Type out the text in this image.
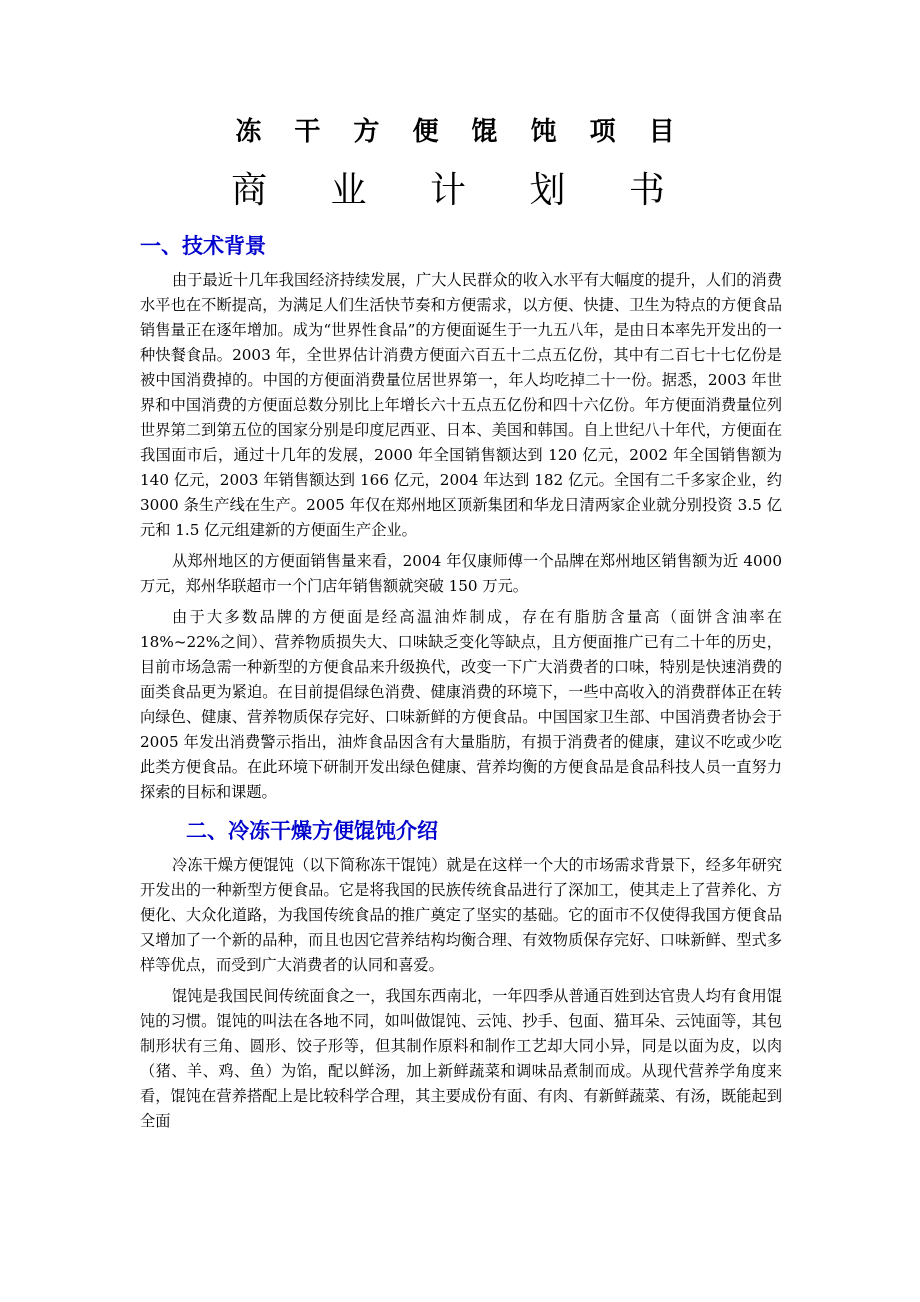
冻 干 方 便 馄 饨 项 目
商 业 计 划 书
一、技术背景

由于最近十几年我国经济持续发展，广大人民群众的收入水平有大幅度的提升，人们的消费水平也在不断提高，为满足人们生活快节奏和方便需求，以方便、快捷、卫生为特点的方便食品销售量正在逐年增加。成为“世界性食品”的方便面诞生于一九五八年，是由日本率先开发出的一种快餐食品。2003 年，全世界估计消费方便面六百五十二点五亿份，其中有二百七十七亿份是被中国消费掉的。中国的方便面消费量位居世界第一，年人均吃掉二十一份。据悉，2003 年世界和中国消费的方便面总数分别比上年增长六十五点五亿份和四十六亿份。年方便面消费量位列世界第二到第五位的国家分别是印度尼西亚、日本、美国和韩国。自上世纪八十年代，方便面在我国面市后，通过十几年的发展，2000 年全国销售额达到 120 亿元，2002 年全国销售额为 140 亿元，2003 年销售额达到 166 亿元，2004 年达到 182 亿元。全国有二千多家企业，约 3000 条生产线在生产。2005 年仅在郑州地区顶新集团和华龙日清两家企业就分别投资 3.5 亿元和 1.5 亿元组建新的方便面生产企业。

从郑州地区的方便面销售量来看，2004 年仅康师傅一个品牌在郑州地区销售额为近 4000 万元，郑州华联超市一个门店年销售额就突破 150 万元。

由于大多数品牌的方便面是经高温油炸制成，存在有脂肪含量高（面饼含油率在 18%~22%之间）、营养物质损失大、口味缺乏变化等缺点，且方便面推广已有二十年的历史，目前市场急需一种新型的方便食品来升级换代，改变一下广大消费者的口味，特别是快速消费的面类食品更为紧迫。在目前提倡绿色消费、健康消费的环境下，一些中高收入的消费群体正在转向绿色、健康、营养物质保存完好、口味新鲜的方便食品。中国国家卫生部、中国消费者协会于 2005 年发出消费警示指出，油炸食品因含有大量脂肪，有损于消费者的健康，建议不吃或少吃此类方便食品。在此环境下研制开发出绿色健康、营养均衡的方便食品是食品科技人员一直努力探索的目标和课题。

二、冷冻干燥方便馄饨介绍

冷冻干燥方便馄饨（以下简称冻干馄饨）就是在这样一个大的市场需求背景下，经多年研究开发出的一种新型方便食品。它是将我国的民族传统食品进行了深加工，使其走上了营养化、方便化、大众化道路，为我国传统食品的推广奠定了坚实的基础。它的面市不仅使得我国方便食品又增加了一个新的品种，而且也因它营养结构均衡合理、有效物质保存完好、口味新鲜、型式多样等优点，而受到广大消费者的认同和喜爱。

馄饨是我国民间传统面食之一，我国东西南北，一年四季从普通百姓到达官贵人均有食用馄饨的习惯。馄饨的叫法在各地不同，如叫做馄饨、云饨、抄手、包面、猫耳朵、云饨面等，其包制形状有三角、圆形、饺子形等，但其制作原料和制作工艺却大同小异，同是以面为皮，以肉（猪、羊、鸡、鱼）为馅，配以鲜汤，加上新鲜蔬菜和调味品煮制而成。从现代营养学角度来看，馄饨在营养搭配上是比较科学合理，其主要成份有面、有肉、有新鲜蔬菜、有汤，既能起到全面
